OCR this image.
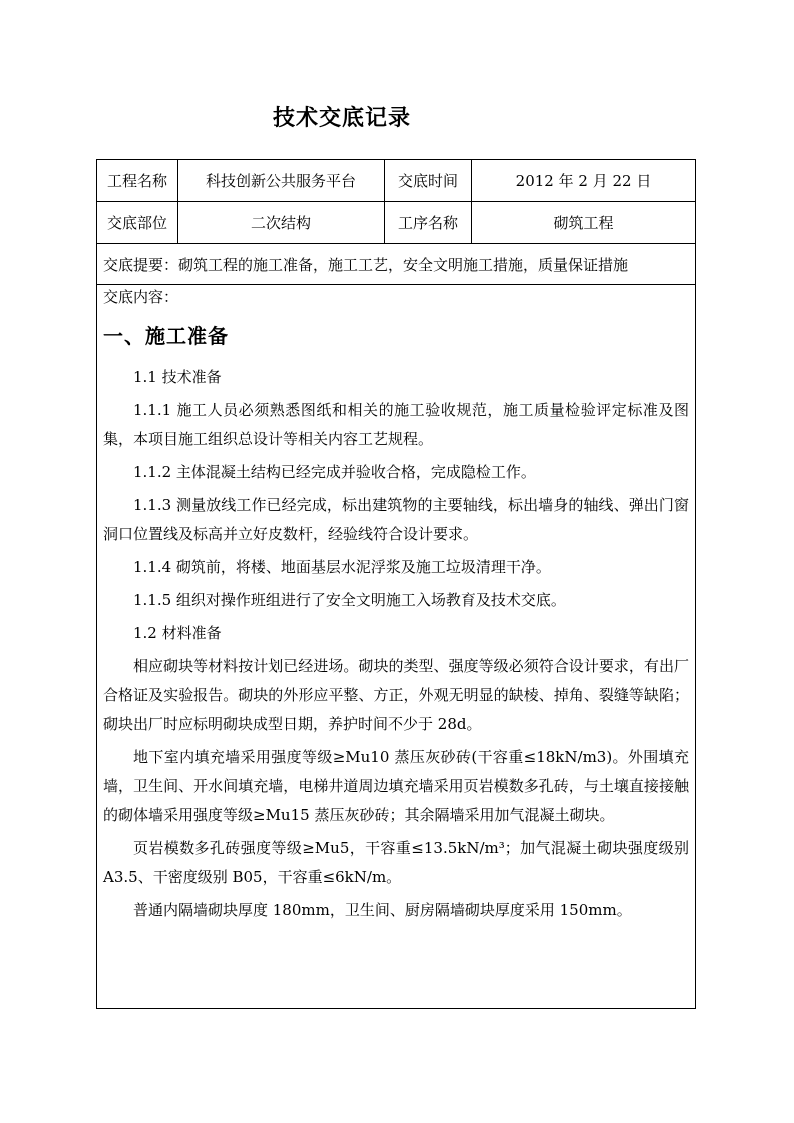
技术交底记录
工程名称	科技创新公共服务平台	交底时间	2012 年 2 月 22 日
交底部位	二次结构	工序名称	砌筑工程
交底提要：砌筑工程的施工准备，施工工艺，安全文明施工措施，质量保证措施
交底内容：
一、施工准备

1.1 技术准备

1.1.1 施工人员必须熟悉图纸和相关的施工验收规范，施工质量检验评定标准及图集，本项目施工组织总设计等相关内容工艺规程。

1.1.2 主体混凝土结构已经完成并验收合格，完成隐检工作。

1.1.3 测量放线工作已经完成，标出建筑物的主要轴线，标出墙身的轴线、弹出门窗洞口位置线及标高并立好皮数杆，经验线符合设计要求。

1.1.4 砌筑前，将楼、地面基层水泥浮浆及施工垃圾清理干净。

1.1.5 组织对操作班组进行了安全文明施工入场教育及技术交底。

1.2 材料准备

相应砌块等材料按计划已经进场。砌块的类型、强度等级必须符合设计要求，有出厂合格证及实验报告。砌块的外形应平整、方正，外观无明显的缺棱、掉角、裂缝等缺陷；砌块出厂时应标明砌块成型日期，养护时间不少于 28d。

地下室内填充墙采用强度等级≥Mu10 蒸压灰砂砖(干容重≤18kN/m3)。外围填充墙，卫生间、开水间填充墙，电梯井道周边填充墙采用页岩模数多孔砖，与土壤直接接触的砌体墙采用强度等级≥Mu15 蒸压灰砂砖；其余隔墙采用加气混凝土砌块。

页岩模数多孔砖强度等级≥Mu5，干容重≤13.5kN/m³；加气混凝土砌块强度级别 A3.5、干密度级别 B05，干容重≤6kN/m。

普通内隔墙砌块厚度 180mm，卫生间、厨房隔墙砌块厚度采用 150mm。
